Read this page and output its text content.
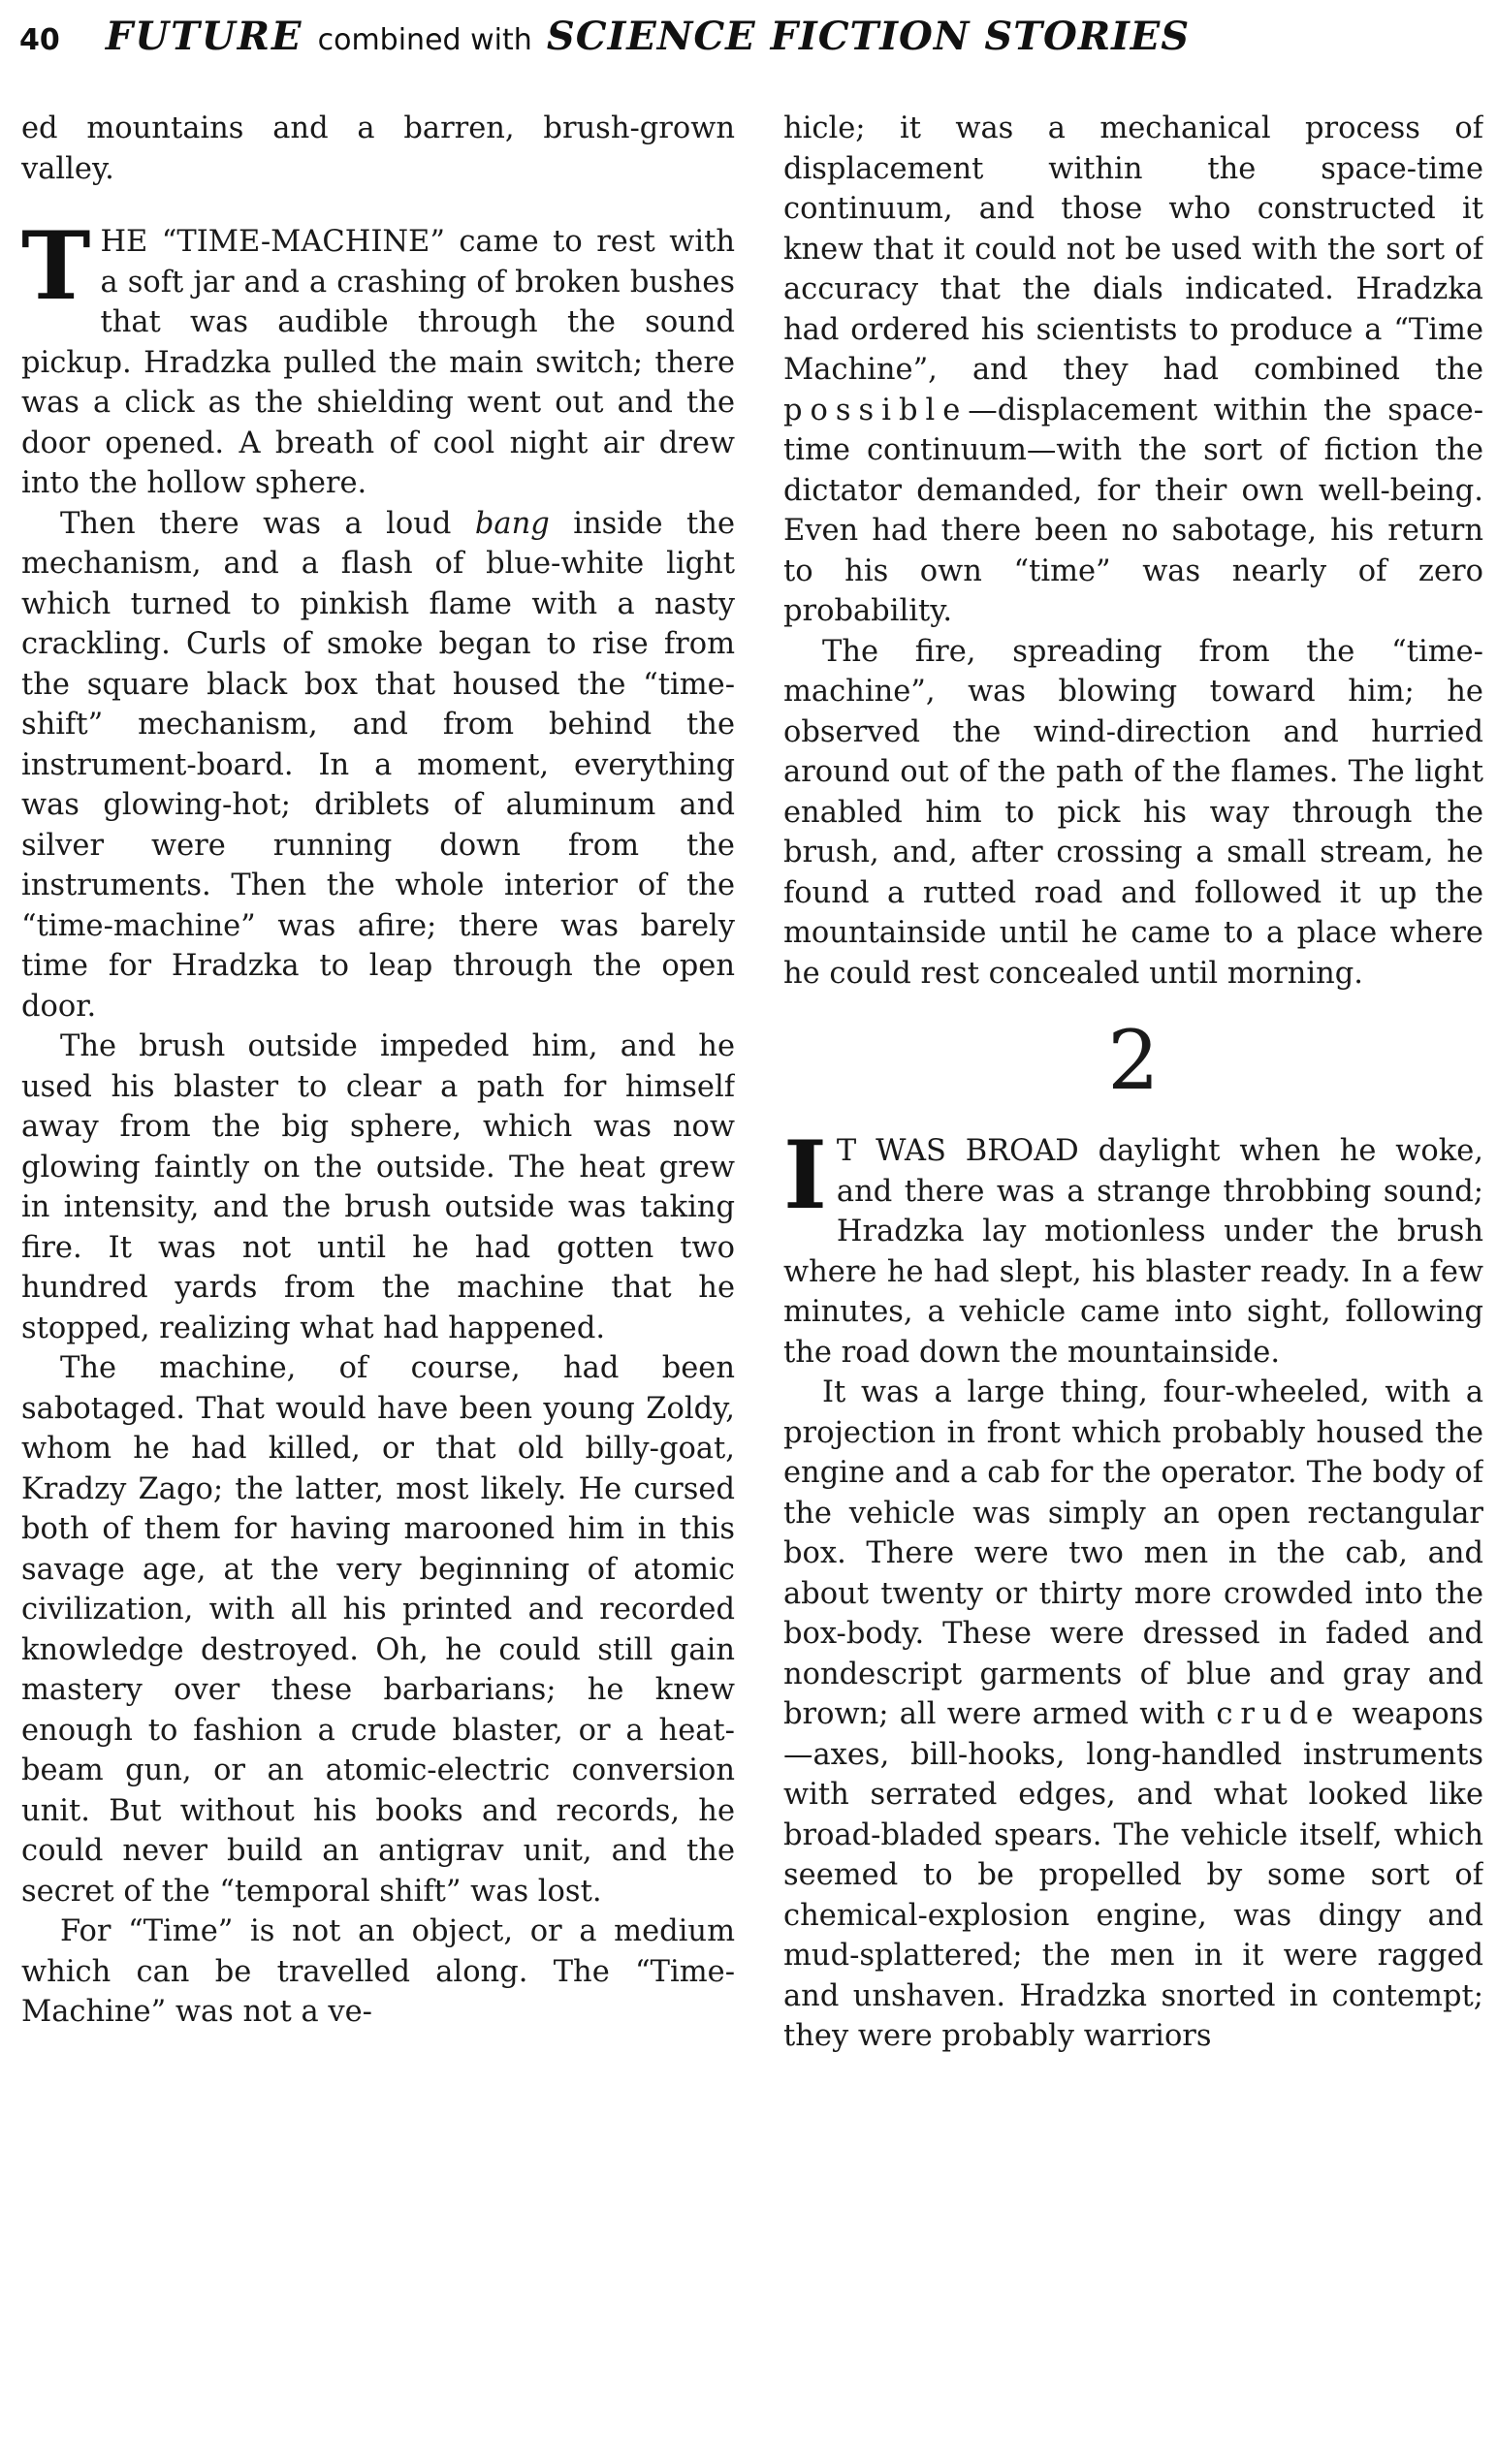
40 FUTURE combined with SCIENCE FICTION STORIES

ed mountains and a barren, brush-grown valley.

THE “TIME-MACHINE” came to rest with a soft jar and a crashing of broken bushes that was audible through the sound pickup. Hradzka pulled the main switch; there was a click as the shielding went out and the door opened. A breath of cool night air drew into the hollow sphere.

Then there was a loud bang inside the mechanism, and a flash of blue-white light which turned to pinkish flame with a nasty crackling. Curls of smoke began to rise from the square black box that housed the “time-shift” mechanism, and from behind the instrument-board. In a moment, everything was glowing-hot; driblets of aluminum and silver were running down from the instruments. Then the whole interior of the “time-machine” was afire; there was barely time for Hradzka to leap through the open door.

The brush outside impeded him, and he used his blaster to clear a path for himself away from the big sphere, which was now glowing faintly on the outside. The heat grew in intensity, and the brush outside was taking fire. It was not until he had gotten two hundred yards from the machine that he stopped, realizing what had happened.

The machine, of course, had been sabotaged. That would have been young Zoldy, whom he had killed, or that old billy-goat, Kradzy Zago; the latter, most likely. He cursed both of them for having marooned him in this savage age, at the very beginning of atomic civilization, with all his printed and recorded knowledge destroyed. Oh, he could still gain mastery over these barbarians; he knew enough to fashion a crude blaster, or a heat-beam gun, or an atomic-electric conversion unit. But without his books and records, he could never build an antigrav unit, and the secret of the “temporal shift” was lost.

For “Time” is not an object, or a medium which can be travelled along. The “Time-Machine” was not a ve-

hicle; it was a mechanical process of displacement within the space-time continuum, and those who constructed it knew that it could not be used with the sort of accuracy that the dials indicated. Hradzka had ordered his scientists to produce a “Time Machine”, and they had combined the possible—displacement within the space-time continuum—with the sort of fiction the dictator demanded, for their own well-being. Even had there been no sabotage, his return to his own “time” was nearly of zero probability.

The fire, spreading from the “time-machine”, was blowing toward him; he observed the wind-direction and hurried around out of the path of the flames. The light enabled him to pick his way through the brush, and, after crossing a small stream, he found a rutted road and followed it up the mountainside until he came to a place where he could rest concealed until morning.

2

I T WAS BROAD daylight when he woke, and there was a strange throbbing sound; Hradzka lay motionless under the brush where he had slept, his blaster ready. In a few minutes, a vehicle came into sight, following the road down the mountainside.

It was a large thing, four-wheeled, with a projection in front which probably housed the engine and a cab for the operator. The body of the vehicle was simply an open rectangular box. There were two men in the cab, and about twenty or thirty more crowded into the box-body. These were dressed in faded and nondescript garments of blue and gray and brown; all were armed with crude weapons—axes, bill-hooks, long-handled instruments with serrated edges, and what looked like broad-bladed spears. The vehicle itself, which seemed to be propelled by some sort of chemical-explosion engine, was dingy and mud-splattered; the men in it were ragged and unshaven. Hradzka snorted in contempt; they were probably warriors
